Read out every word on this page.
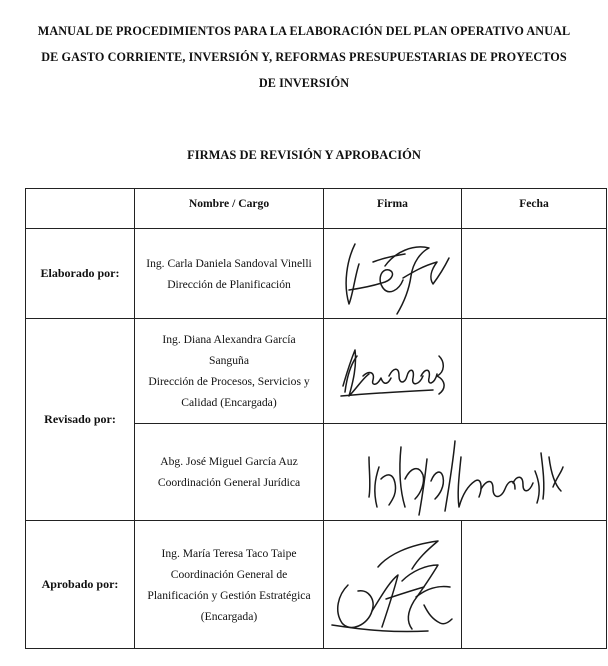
MANUAL DE PROCEDIMIENTOS PARA LA ELABORACIÓN DEL PLAN OPERATIVO ANUAL
DE GASTO CORRIENTE, INVERSIÓN Y, REFORMAS PRESUPUESTARIAS DE PROYECTOS
DE INVERSIÓN
FIRMAS DE REVISIÓN Y APROBACIÓN
	Nombre / Cargo	Firma	Fecha
Elaborado por:	Ing. Carla Daniela Sandoval Vinelli
Dirección de Planificación

Revisado por:	Ing. Diana Alexandra García
Sanguña
Dirección de Procesos, Servicios y
Calidad (Encargada)

	Abg. José Miguel García Auz
Coordinación General Jurídica

Aprobado por:	Ing. María Teresa Taco Taipe
Coordinación General de
Planificación y Gestión Estratégica
(Encargada)
